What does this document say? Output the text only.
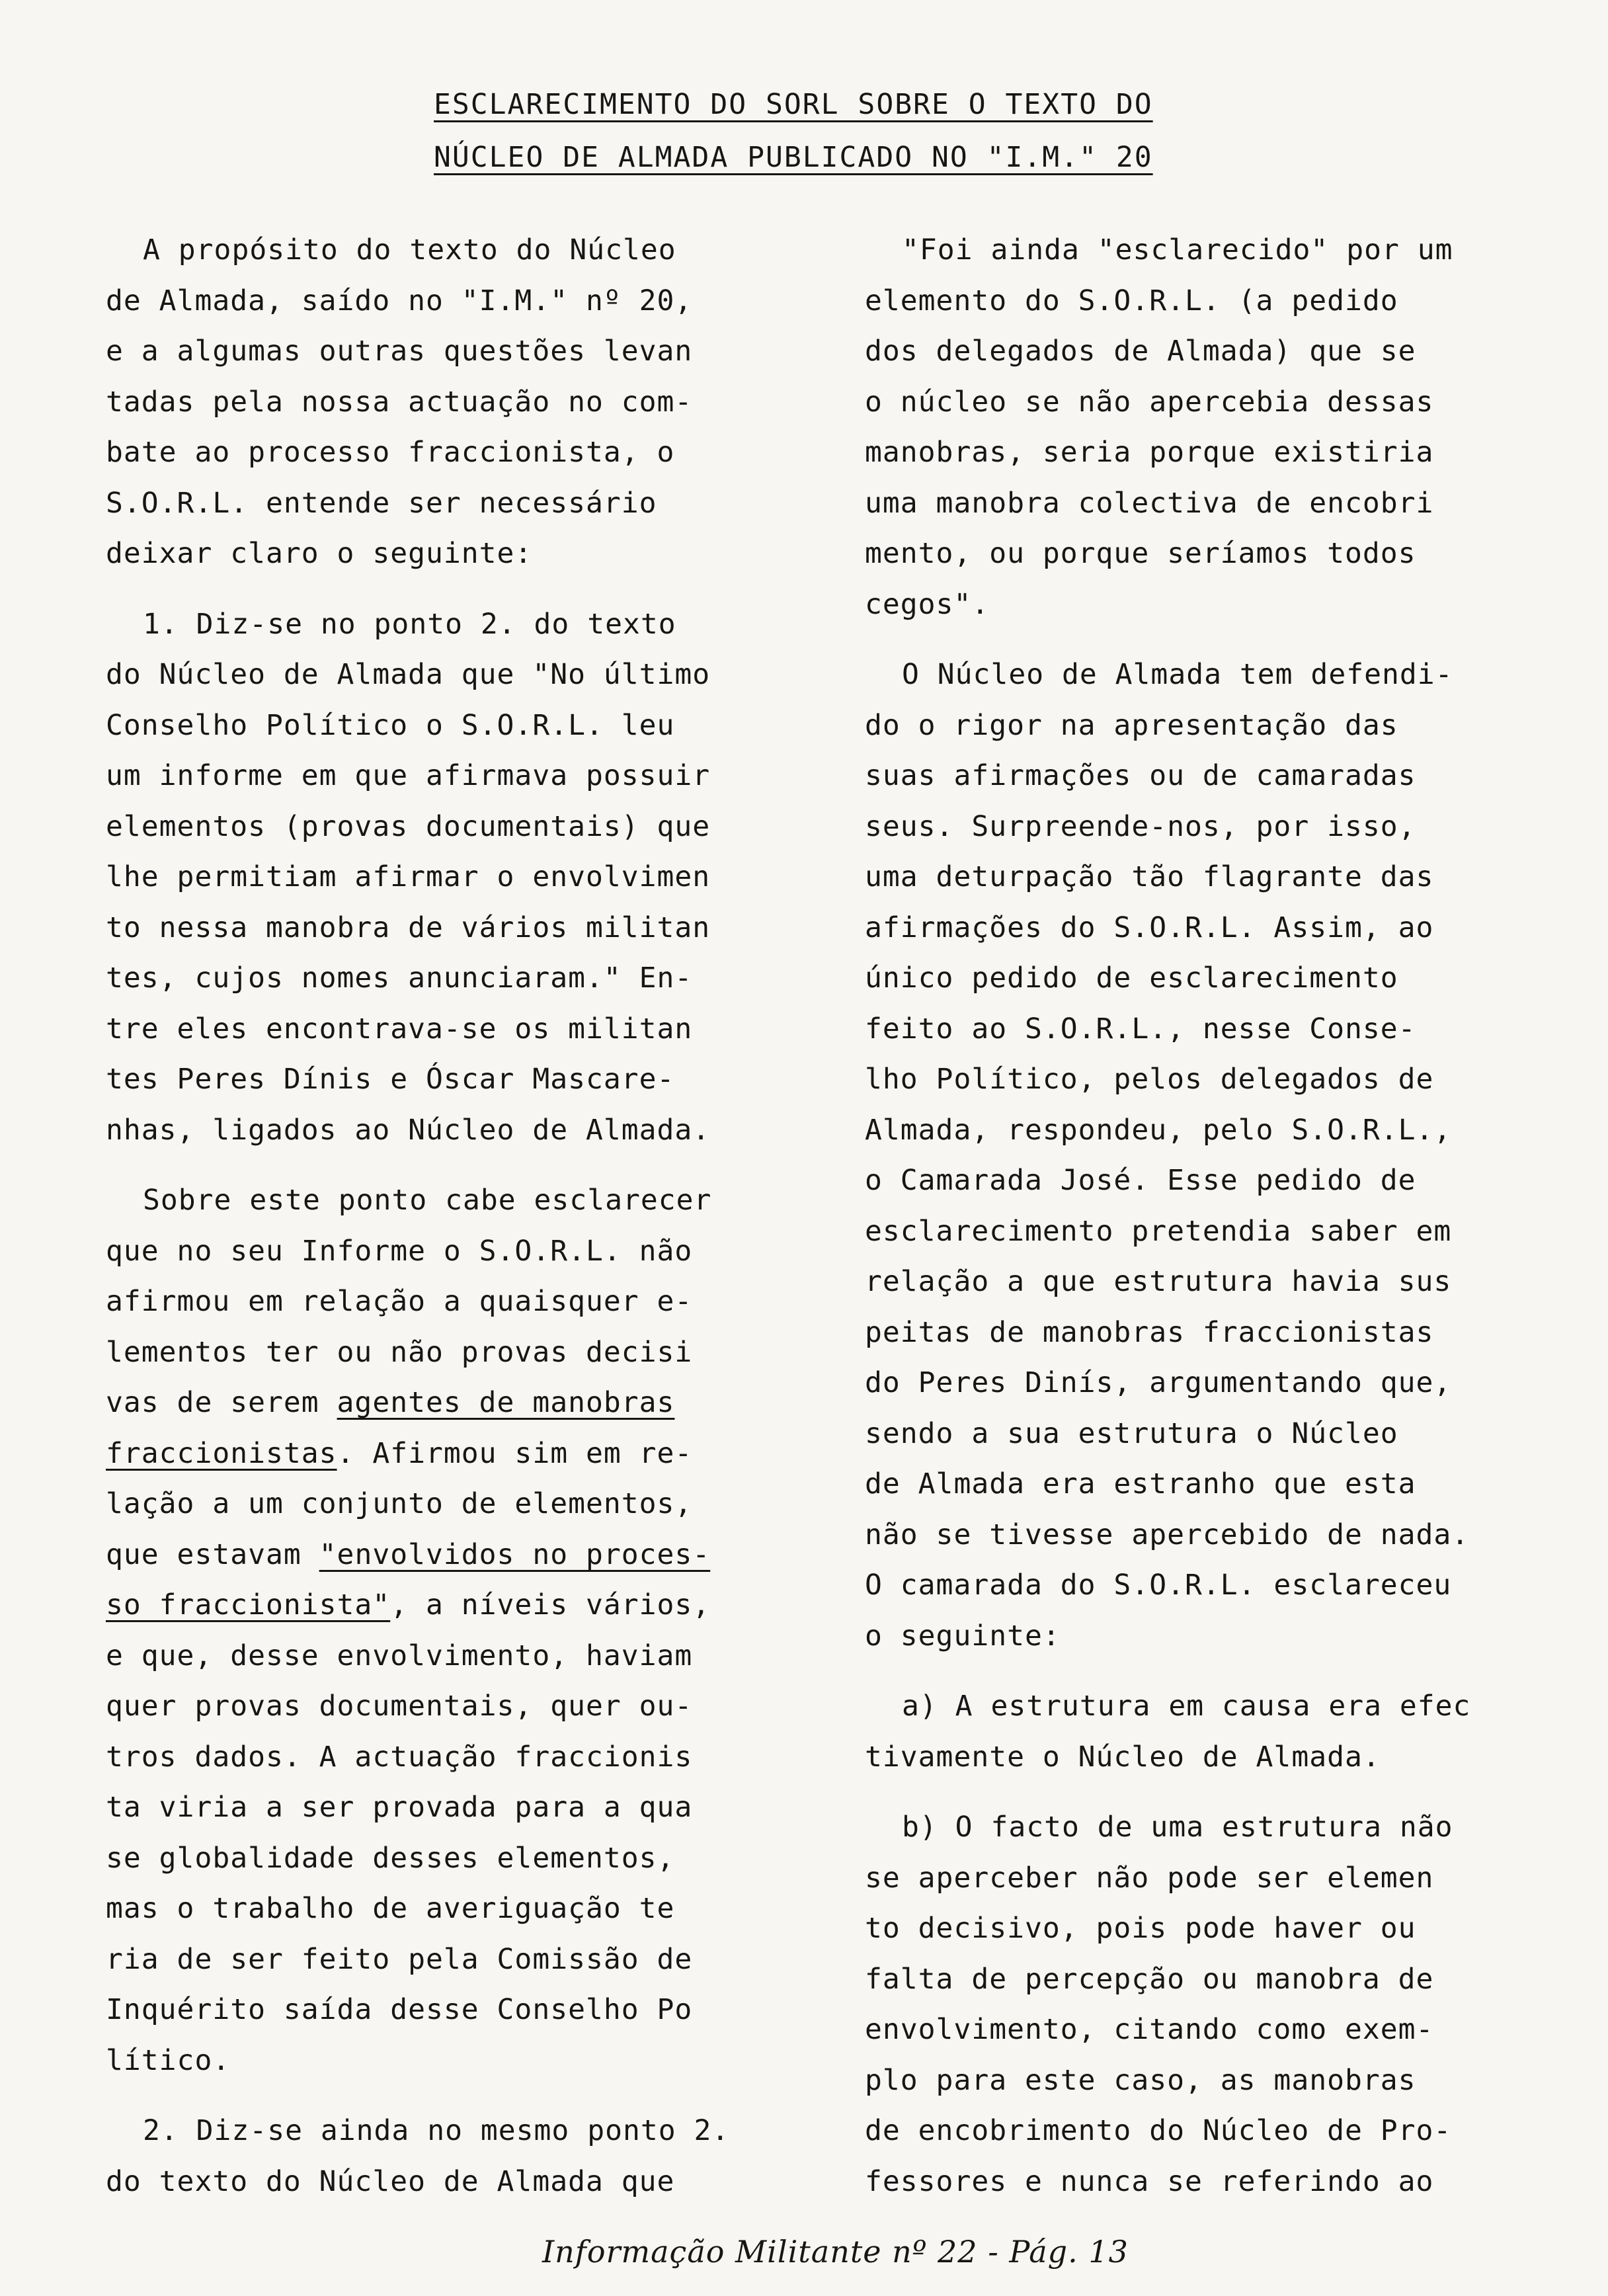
ESCLARECIMENTO DO SORL SOBRE O TEXTO DO
NÚCLEO DE ALMADA PUBLICADO NO "I.M." 20
A propósito do texto do Núcleo
de Almada, saído no "I.M." nº 20,
e a algumas outras questões levan
tadas pela nossa actuação no com-
bate ao processo fraccionista, o
S.O.R.L. entende ser necessário
deixar claro o seguinte:
1. Diz-se no ponto 2. do texto
do Núcleo de Almada que "No último
Conselho Político o S.O.R.L. leu
um informe em que afirmava possuir
elementos (provas documentais) que
lhe permitiam afirmar o envolvimen
to nessa manobra de vários militan
tes, cujos nomes anunciaram." En-
tre eles encontrava-se os militan
tes Peres Dínis e Óscar Mascare-
nhas, ligados ao Núcleo de Almada.
Sobre este ponto cabe esclarecer
que no seu Informe o S.O.R.L. não
afirmou em relação a quaisquer e-
lementos ter ou não provas decisi
vas de serem agentes de manobras
fraccionistas. Afirmou sim em re-
lação a um conjunto de elementos,
que estavam "envolvidos no proces-
so fraccionista", a níveis vários,
e que, desse envolvimento, haviam
quer provas documentais, quer ou-
tros dados. A actuação fraccionis
ta viria a ser provada para a qua
se globalidade desses elementos,
mas o trabalho de averiguação te
ria de ser feito pela Comissão de
Inquérito saída desse Conselho Po
lítico.
2. Diz-se ainda no mesmo ponto 2.
do texto do Núcleo de Almada que
"Foi ainda "esclarecido" por um
elemento do S.O.R.L. (a pedido
dos delegados de Almada) que se
o núcleo se não apercebia dessas
manobras, seria porque existiria
uma manobra colectiva de encobri
mento, ou porque seríamos todos
cegos".
O Núcleo de Almada tem defendi-
do o rigor na apresentação das
suas afirmações ou de camaradas
seus. Surpreende-nos, por isso,
uma deturpação tão flagrante das
afirmações do S.O.R.L. Assim, ao
único pedido de esclarecimento
feito ao S.O.R.L., nesse Conse-
lho Político, pelos delegados de
Almada, respondeu, pelo S.O.R.L.,
o Camarada José. Esse pedido de
esclarecimento pretendia saber em
relação a que estrutura havia sus
peitas de manobras fraccionistas
do Peres Dinís, argumentando que,
sendo a sua estrutura o Núcleo
de Almada era estranho que esta
não se tivesse apercebido de nada.
O camarada do S.O.R.L. esclareceu
o seguinte:
a) A estrutura em causa era efec
tivamente o Núcleo de Almada.
b) O facto de uma estrutura não
se aperceber não pode ser elemen
to decisivo, pois pode haver ou
falta de percepção ou manobra de
envolvimento, citando como exem-
plo para este caso, as manobras
de encobrimento do Núcleo de Pro-
fessores e nunca se referindo ao
Informação Militante nº 22 - Pág. 13
